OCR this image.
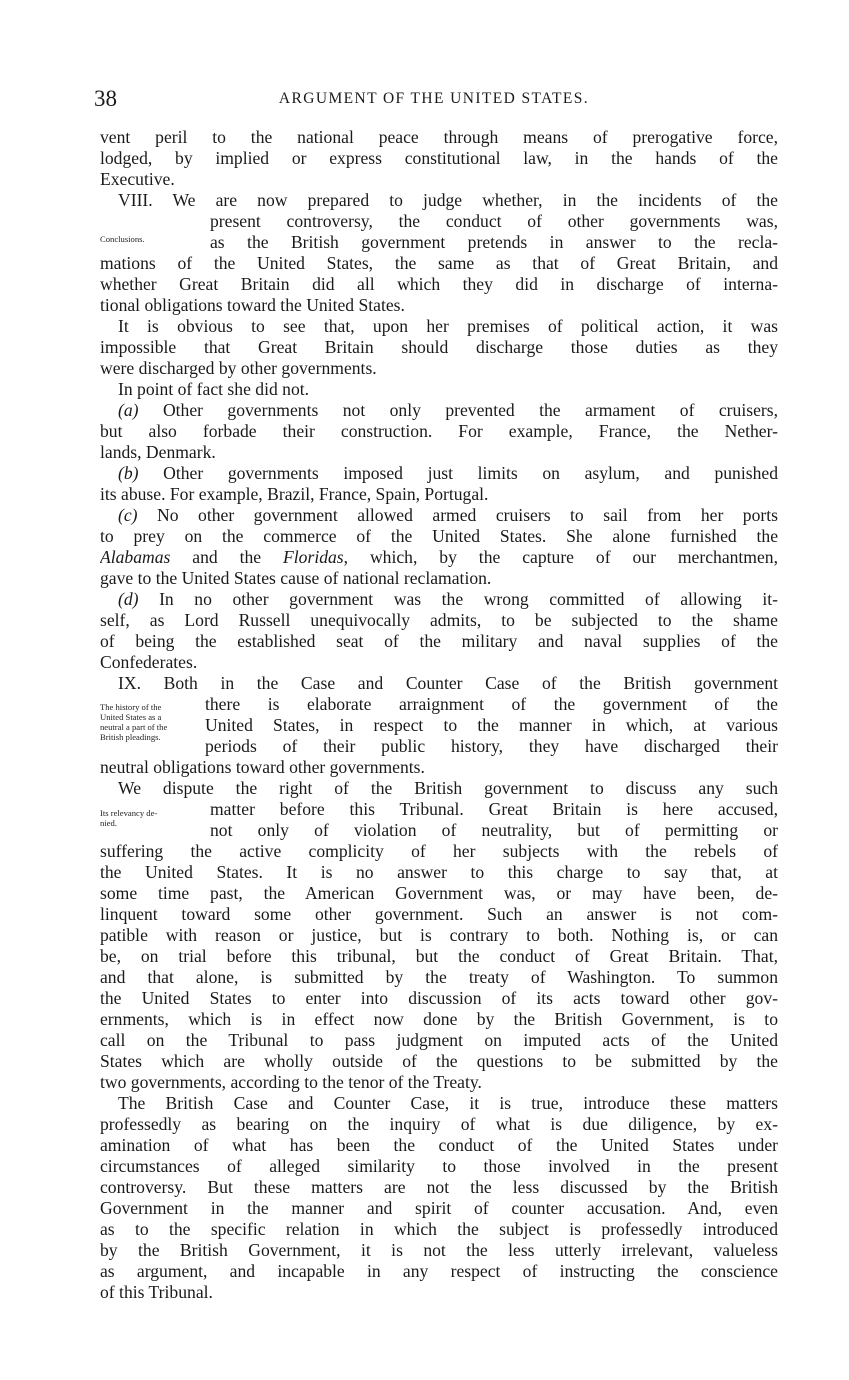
38	ARGUMENT OF THE UNITED STATES.
Conclusions.
The history of the
United States as a
neutral a part of the
British pleadings.
Its relevancy de-
nied.
vent peril to the national peace through means of prerogative force,
lodged, by implied or express constitutional law, in the hands of the
Executive.
VIII. We are now prepared to judge whether, in the incidents of the
present controversy, the conduct of other governments was,
as the British government pretends in answer to the recla-
mations of the United States, the same as that of Great Britain, and
whether Great Britain did all which they did in discharge of interna-
tional obligations toward the United States.
It is obvious to see that, upon her premises of political action, it was
impossible that Great Britain should discharge those duties as they
were discharged by other governments.
In point of fact she did not.
(a) Other governments not only prevented the armament of cruisers,
but also forbade their construction. For example, France, the Nether-
lands, Denmark.
(b) Other governments imposed just limits on asylum, and punished
its abuse. For example, Brazil, France, Spain, Portugal.
(c) No other government allowed armed cruisers to sail from her ports
to prey on the commerce of the United States. She alone furnished the
Alabamas and the Floridas, which, by the capture of our merchantmen,
gave to the United States cause of national reclamation.
(d) In no other government was the wrong committed of allowing it-
self, as Lord Russell unequivocally admits, to be subjected to the shame
of being the established seat of the military and naval supplies of the
Confederates.
IX. Both in the Case and Counter Case of the British government
there is elaborate arraignment of the government of the
United States, in respect to the manner in which, at various
periods of their public history, they have discharged their
neutral obligations toward other governments.
We dispute the right of the British government to discuss any such
matter before this Tribunal. Great Britain is here accused,
not only of violation of neutrality, but of permitting or
suffering the active complicity of her subjects with the rebels of
the United States. It is no answer to this charge to say that, at
some time past, the American Government was, or may have been, de-
linquent toward some other government. Such an answer is not com-
patible with reason or justice, but is contrary to both. Nothing is, or can
be, on trial before this tribunal, but the conduct of Great Britain. That,
and that alone, is submitted by the treaty of Washington. To summon
the United States to enter into discussion of its acts toward other gov-
ernments, which is in effect now done by the British Government, is to
call on the Tribunal to pass judgment on imputed acts of the United
States which are wholly outside of the questions to be submitted by the
two governments, according to the tenor of the Treaty.
The British Case and Counter Case, it is true, introduce these matters
professedly as bearing on the inquiry of what is due diligence, by ex-
amination of what has been the conduct of the United States under
circumstances of alleged similarity to those involved in the present
controversy. But these matters are not the less discussed by the British
Government in the manner and spirit of counter accusation. And, even
as to the specific relation in which the subject is professedly introduced
by the British Government, it is not the less utterly irrelevant, valueless
as argument, and incapable in any respect of instructing the conscience
of this Tribunal.
